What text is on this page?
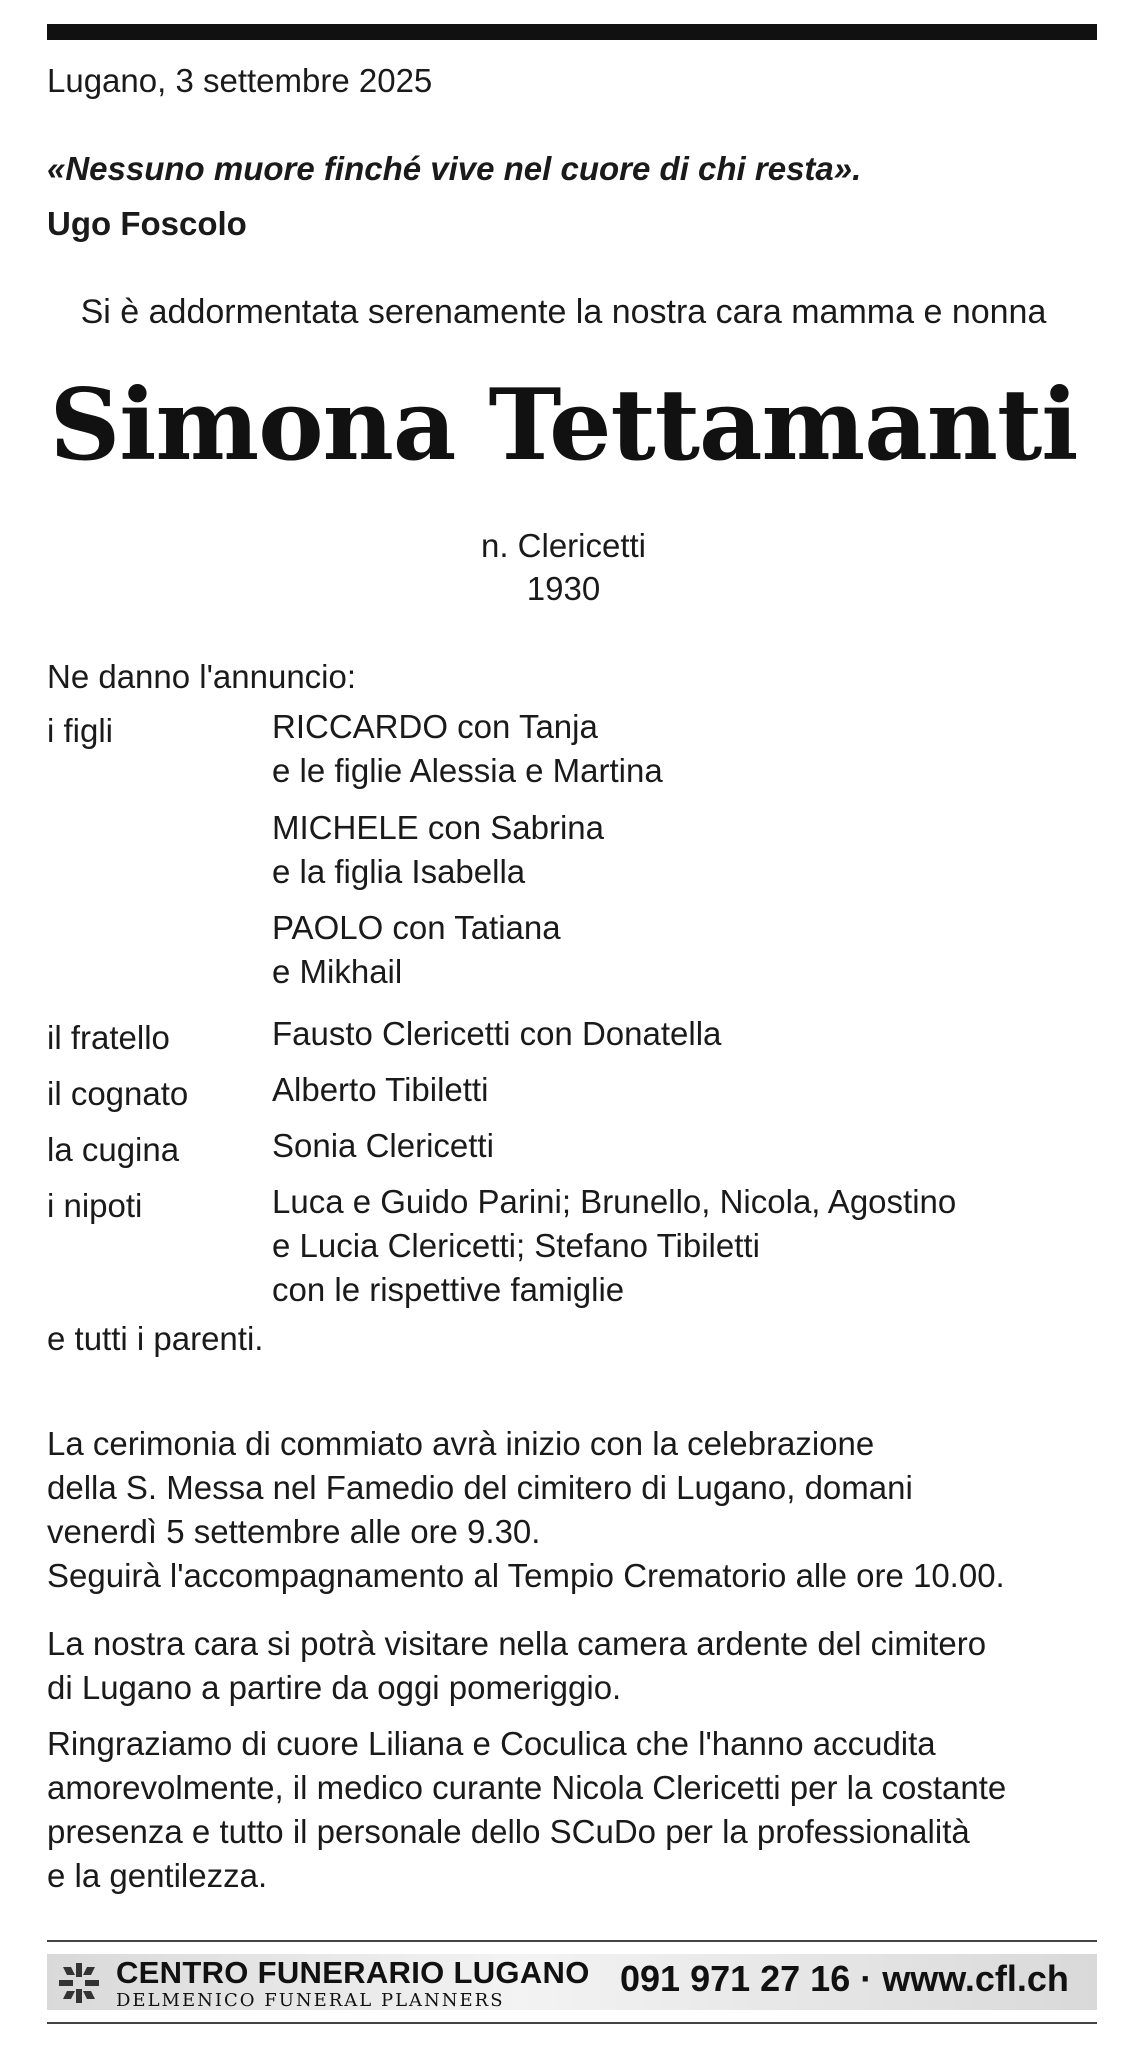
Lugano, 3 settembre 2025
«Nessuno muore finché vive nel cuore di chi resta».
Ugo Foscolo
Si è addormentata serenamente la nostra cara mamma e nonna
Simona Tettamanti
n. Clericetti
1930
Ne danno l'annuncio:
i figli	RICCARDO con Tanja
e le figlie Alessia e Martina
MICHELE con Sabrina
e la figlia Isabella
PAOLO con Tatiana
e Mikhail
il fratello	Fausto Clericetti con Donatella
il cognato	Alberto Tibiletti
la cugina	Sonia Clericetti
i nipoti	Luca e Guido Parini; Brunello, Nicola, Agostino
e Lucia Clericetti; Stefano Tibiletti
con le rispettive famiglie
e tutti i parenti.
La cerimonia di commiato avrà inizio con la celebrazione
della S. Messa nel Famedio del cimitero di Lugano, domani
venerdì 5 settembre alle ore 9.30.
Seguirà l'accompagnamento al Tempio Crematorio alle ore 10.00.
La nostra cara si potrà visitare nella camera ardente del cimitero
di Lugano a partire da oggi pomeriggio.
Ringraziamo di cuore Liliana e Coculica che l'hanno accudita
amorevolmente, il medico curante Nicola Clericetti per la costante
presenza e tutto il personale dello SCuDo per la professionalità
e la gentilezza.
CENTRO FUNERARIO LUGANO
DELMENICO FUNERAL PLANNERS
091 971 27 16 · www.cfl.ch
